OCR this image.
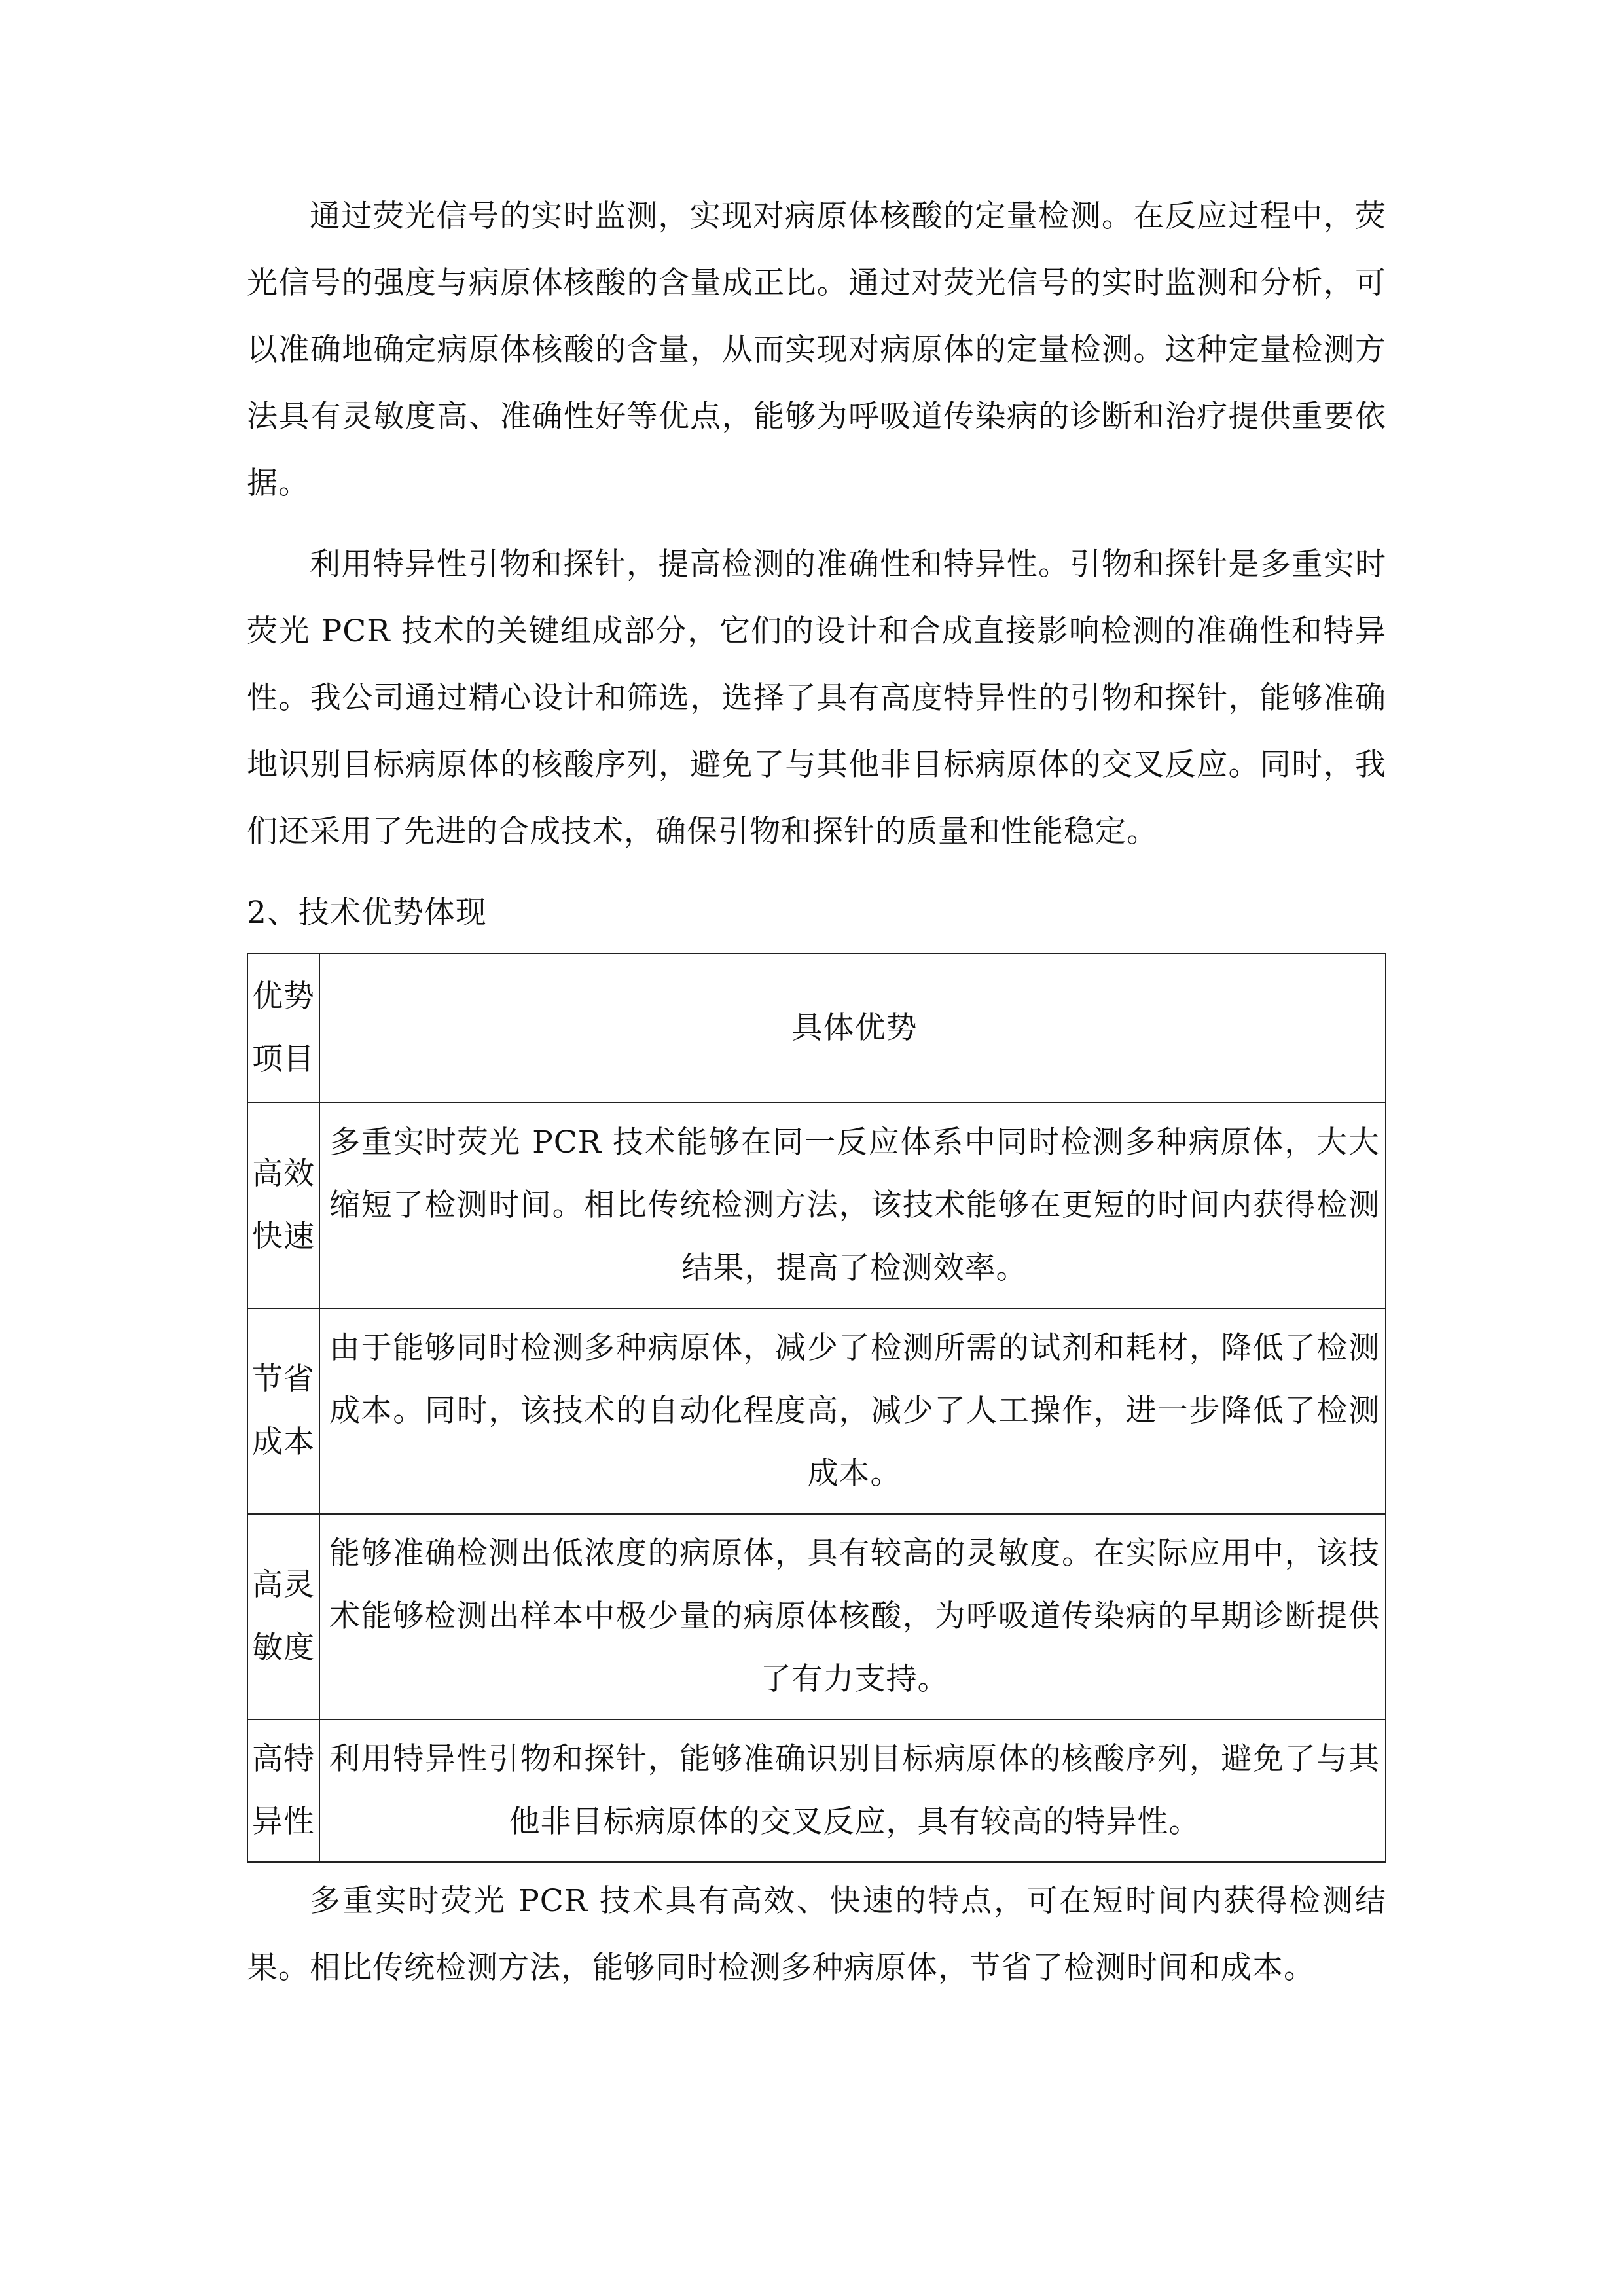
通过荧光信号的实时监测，实现对病原体核酸的定量检测。在反应过程中，荧光信号的强度与病原体核酸的含量成正比。通过对荧光信号的实时监测和分析，可以准确地确定病原体核酸的含量，从而实现对病原体的定量检测。这种定量检测方法具有灵敏度高、准确性好等优点，能够为呼吸道传染病的诊断和治疗提供重要依据。

利用特异性引物和探针，提高检测的准确性和特异性。引物和探针是多重实时荧光 PCR 技术的关键组成部分，它们的设计和合成直接影响检测的准确性和特异性。我公司通过精心设计和筛选，选择了具有高度特异性的引物和探针，能够准确地识别目标病原体的核酸序列，避免了与其他非目标病原体的交叉反应。同时，我们还采用了先进的合成技术，确保引物和探针的质量和性能稳定。

2、技术优势体现

优势项目	具体优势
高效快速	多重实时荧光 PCR 技术能够在同一反应体系中同时检测多种病原体，大大缩短了检测时间。相比传统检测方法，该技术能够在更短的时间内获得检测结果，提高了检测效率。

节省成本	由于能够同时检测多种病原体，减少了检测所需的试剂和耗材，降低了检测成本。同时，该技术的自动化程度高，减少了人工操作，进一步降低了检测成本。

高灵敏度	能够准确检测出低浓度的病原体，具有较高的灵敏度。在实际应用中，该技术能够检测出样本中极少量的病原体核酸，为呼吸道传染病的早期诊断提供了有力支持。

高特异性	利用特异性引物和探针，能够准确识别目标病原体的核酸序列，避免了与其他非目标病原体的交叉反应，具有较高的特异性。

多重实时荧光 PCR 技术具有高效、快速的特点，可在短时间内获得检测结果。相比传统检测方法，能够同时检测多种病原体，节省了检测时间和成本。
